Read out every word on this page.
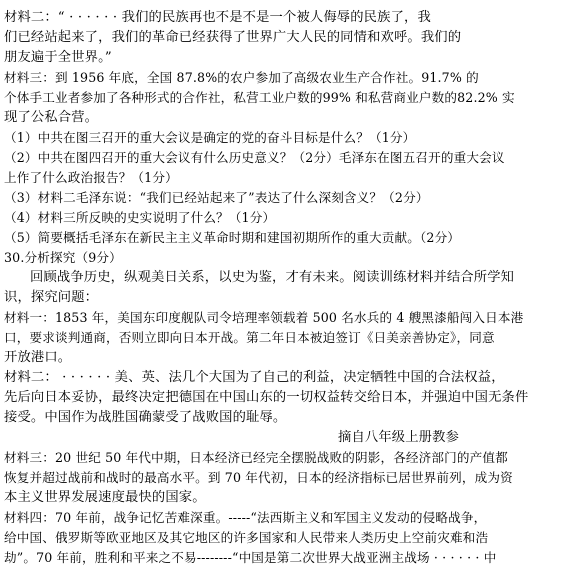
材料二：“ · · · · · · 我们的民族再也不是不是一个被人侮辱的民族了，我
们已经站起来了，我们的革命已经获得了世界广大人民的同情和欢呼。我们的
朋友遍于全世界。”
材料三：到 1956 年底，全国 87.8%的农户参加了高级农业生产合作社。91.7% 的
个体手工业者参加了各种形式的合作社，私营工业户数的99% 和私营商业户数的82.2% 实
现了公私合营。
（1）中共在图三召开的重大会议是确定的党的奋斗目标是什么？（1分）
（2）中共在图四召开的重大会议有什么历史意义？（2分）毛泽东在图五召开的重大会议
上作了什么政治报告？（1分）
（3）材料二毛泽东说：“我们已经站起来了”表达了什么深刻含义？（2分）
（4）材料三所反映的史实说明了什么？（1分）
（5）简要概括毛泽东在新民主主义革命时期和建国初期所作的重大贡献。（2分）
30.分析探究（9分）
回顾战争历史，纵观美日关系，以史为鉴，才有未来。阅读训练材料并结合所学知
识，探究问题：
材料一：1853 年，美国东印度舰队司令培理率领载着 500 名水兵的 4 艘黑漆船闯入日本港
口，要求谈判通商，否则立即向日本开战。第二年日本被迫签订《日美亲善协定》，同意
开放港口。
材料二： · · · · · · 美、英、法几个大国为了自己的利益，决定牺牲中国的合法权益，
先后向日本妥协，最终决定把德国在中国山东的一切权益转交给日本，并强迫中国无条件
接受。中国作为战胜国确蒙受了战败国的耻辱。
摘自八年级上册教参
材料三：20 世纪 50 年代中期，日本经济已经完全摆脱战败的阴影，各经济部门的产值都
恢复并超过战前和战时的最高水平。到 70 年代初，日本的经济指标已居世界前列，成为资
本主义世界发展速度最快的国家。
材料四：70 年前，战争记忆苦难深重。-----“法西斯主义和军国主义发动的侵略战争，
给中国、俄罗斯等欧亚地区及其它地区的许多国家和人民带来人类历史上空前灾难和浩
劫”。70 年前，胜利和平来之不易--------“中国是第二次世界大战亚洲主战场 · · · · · · 中
